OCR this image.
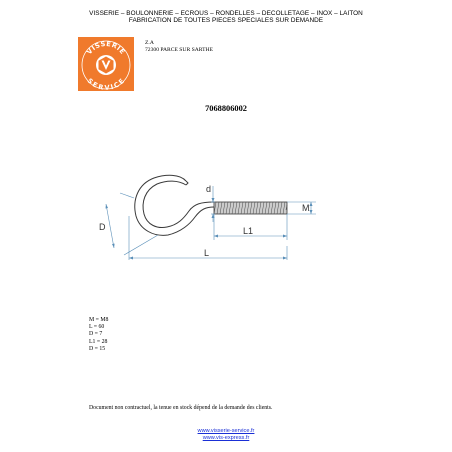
VISSERIE – BOULONNERIE – ECROUS – RONDELLES – DECOLLETAGE – INOX – LAITON
FABRICATION DE TOUTES PIECES SPECIALES SUR DEMANDE
VISSERIE
SERVICE
Z.A
72300 PARCE SUR SARTHE
7068806002
d
D
M
L1
L
M = M8
L = 60
D = 7
L1 = 28
D = 15
Document non contractuel, la tenue en stock dépend de la demande des clients.
www.visserie-service.fr
www.vis-express.fr
